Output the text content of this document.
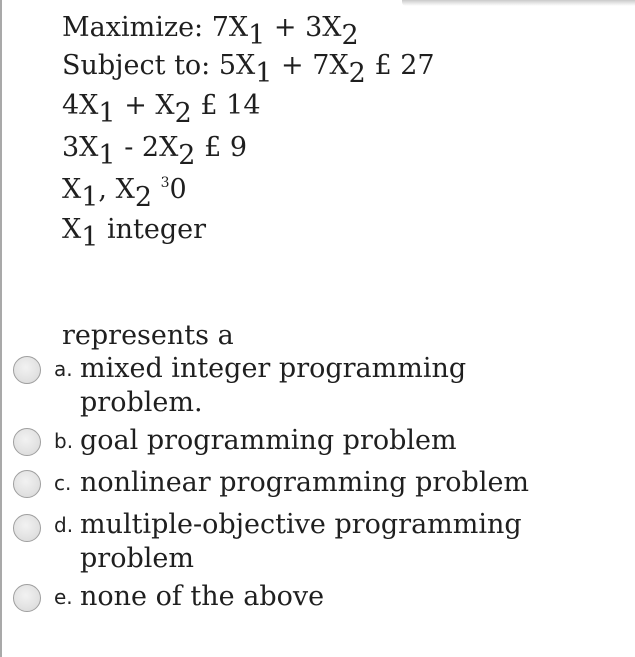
Maximize: 7X1 + 3X2
Subject to: 5X1 + 7X2 £ 27
4X1 + X2 £ 14
3X1 - 2X2 £ 9
X1, X2 $^3$0
X1 integer
represents a
a. mixed integer programming
problem.
b. goal programming problem
c. nonlinear programming problem
d. multiple-objective programming
problem
e. none of the above
